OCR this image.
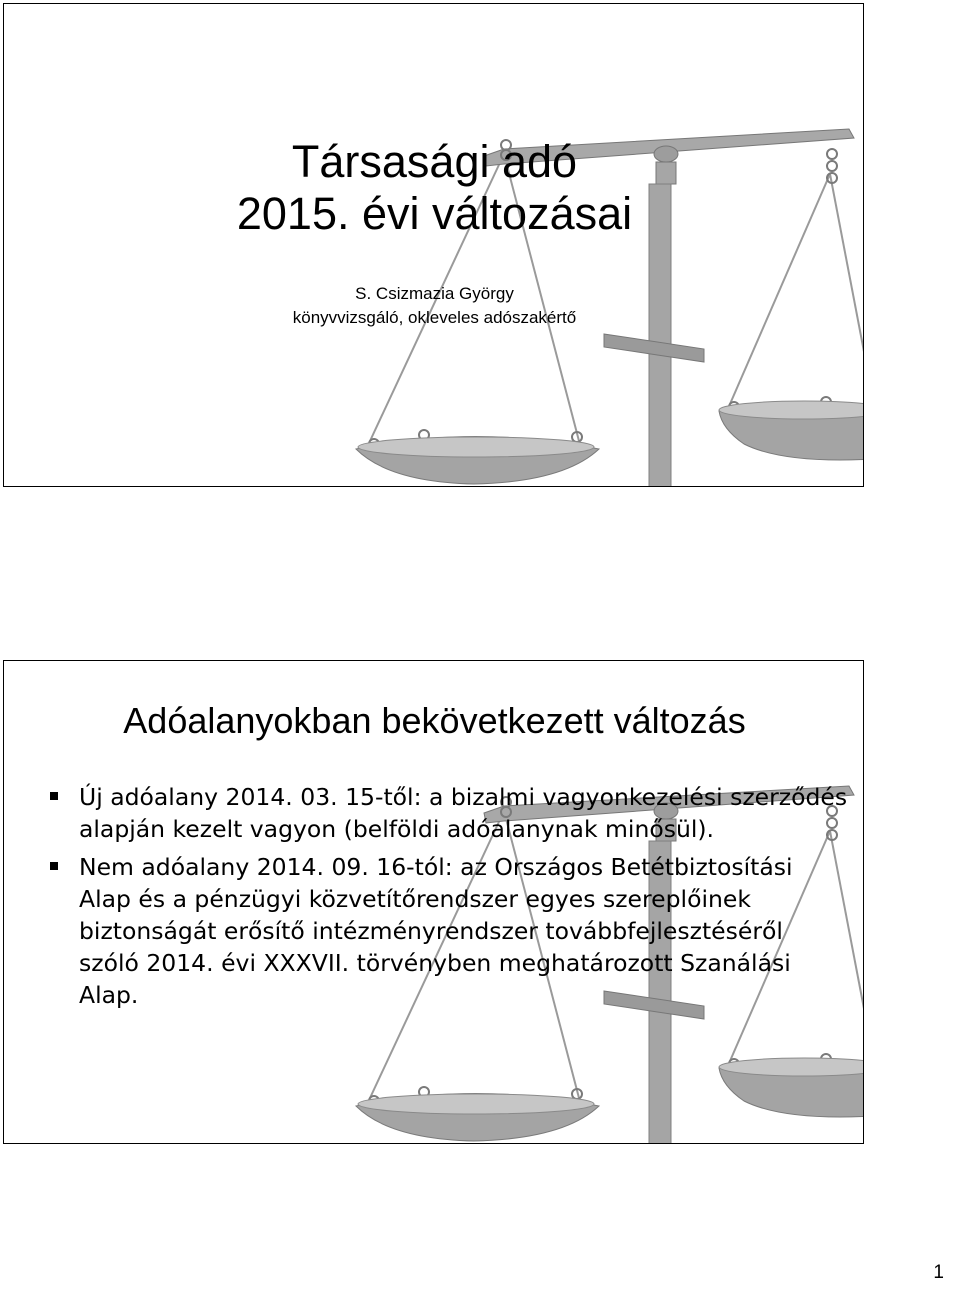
Társasági adó
2015. évi változásai
S. Csizmazia György
könyvvizsgáló, okleveles adószakértő
Adóalanyokban bekövetkezett változás
Új adóalany 2014. 03. 15-től: a bizalmi vagyonkezelési szerződés alapján kezelt vagyon (belföldi adóalanynak minősül).
Nem adóalany 2014. 09. 16-tól: az Országos Betétbiztosítási Alap és a pénzügyi közvetítőrendszer egyes szereplőinek biztonságát erősítő intézményrendszer továbbfejlesztéséről szóló 2014. évi XXXVII. törvényben meghatározott Szanálási Alap.
1
